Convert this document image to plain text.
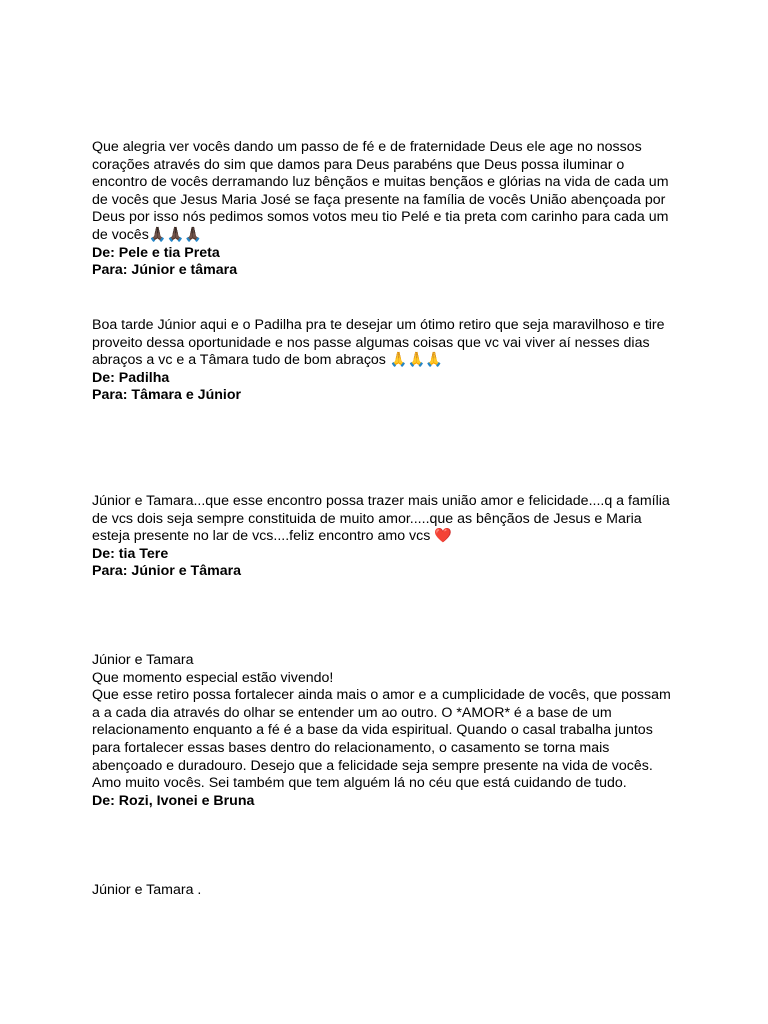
Que alegria ver vocês dando um passo de fé e de fraternidade Deus ele age no nossos
corações através do sim que damos para Deus parabéns que Deus possa iluminar o
encontro de vocês derramando luz bênçãos e muitas bençãos e glórias na vida de cada um
de vocês que Jesus Maria José se faça presente na família de vocês União abençoada por
Deus por isso nós pedimos somos votos meu tio Pelé e tia preta com carinho para cada um
de vocês🙏🏿🙏🏿🙏🏿
De: Pele e tia Preta
Para: Júnior e tâmara
Boa tarde Júnior aqui e o Padilha pra te desejar um ótimo retiro que seja maravilhoso e tire
proveito dessa oportunidade e nos passe algumas coisas que vc vai viver aí nesses dias
abraços a vc e a Tâmara tudo de bom abraços 🙏🙏🙏
De: Padilha
Para: Tâmara e Júnior
Júnior e Tamara...que esse encontro possa trazer mais união amor e felicidade....q a família
de vcs dois seja sempre constituida de muito amor.....que as bênçãos de Jesus e Maria
esteja presente no lar de vcs....feliz encontro amo vcs ❤️
De: tia Tere
Para: Júnior e Tâmara
Júnior e Tamara
Que momento especial estão vivendo!
Que esse retiro possa fortalecer ainda mais o amor e a cumplicidade de vocês, que possam
a a cada dia através do olhar se entender um ao outro. O *AMOR* é a base de um
relacionamento enquanto a fé é a base da vida espiritual. Quando o casal trabalha juntos
para fortalecer essas bases dentro do relacionamento, o casamento se torna mais
abençoado e duradouro. Desejo que a felicidade seja sempre presente na vida de vocês.
Amo muito vocês. Sei também que tem alguém lá no céu que está cuidando de tudo.
De: Rozi, Ivonei e Bruna
Júnior e Tamara .
